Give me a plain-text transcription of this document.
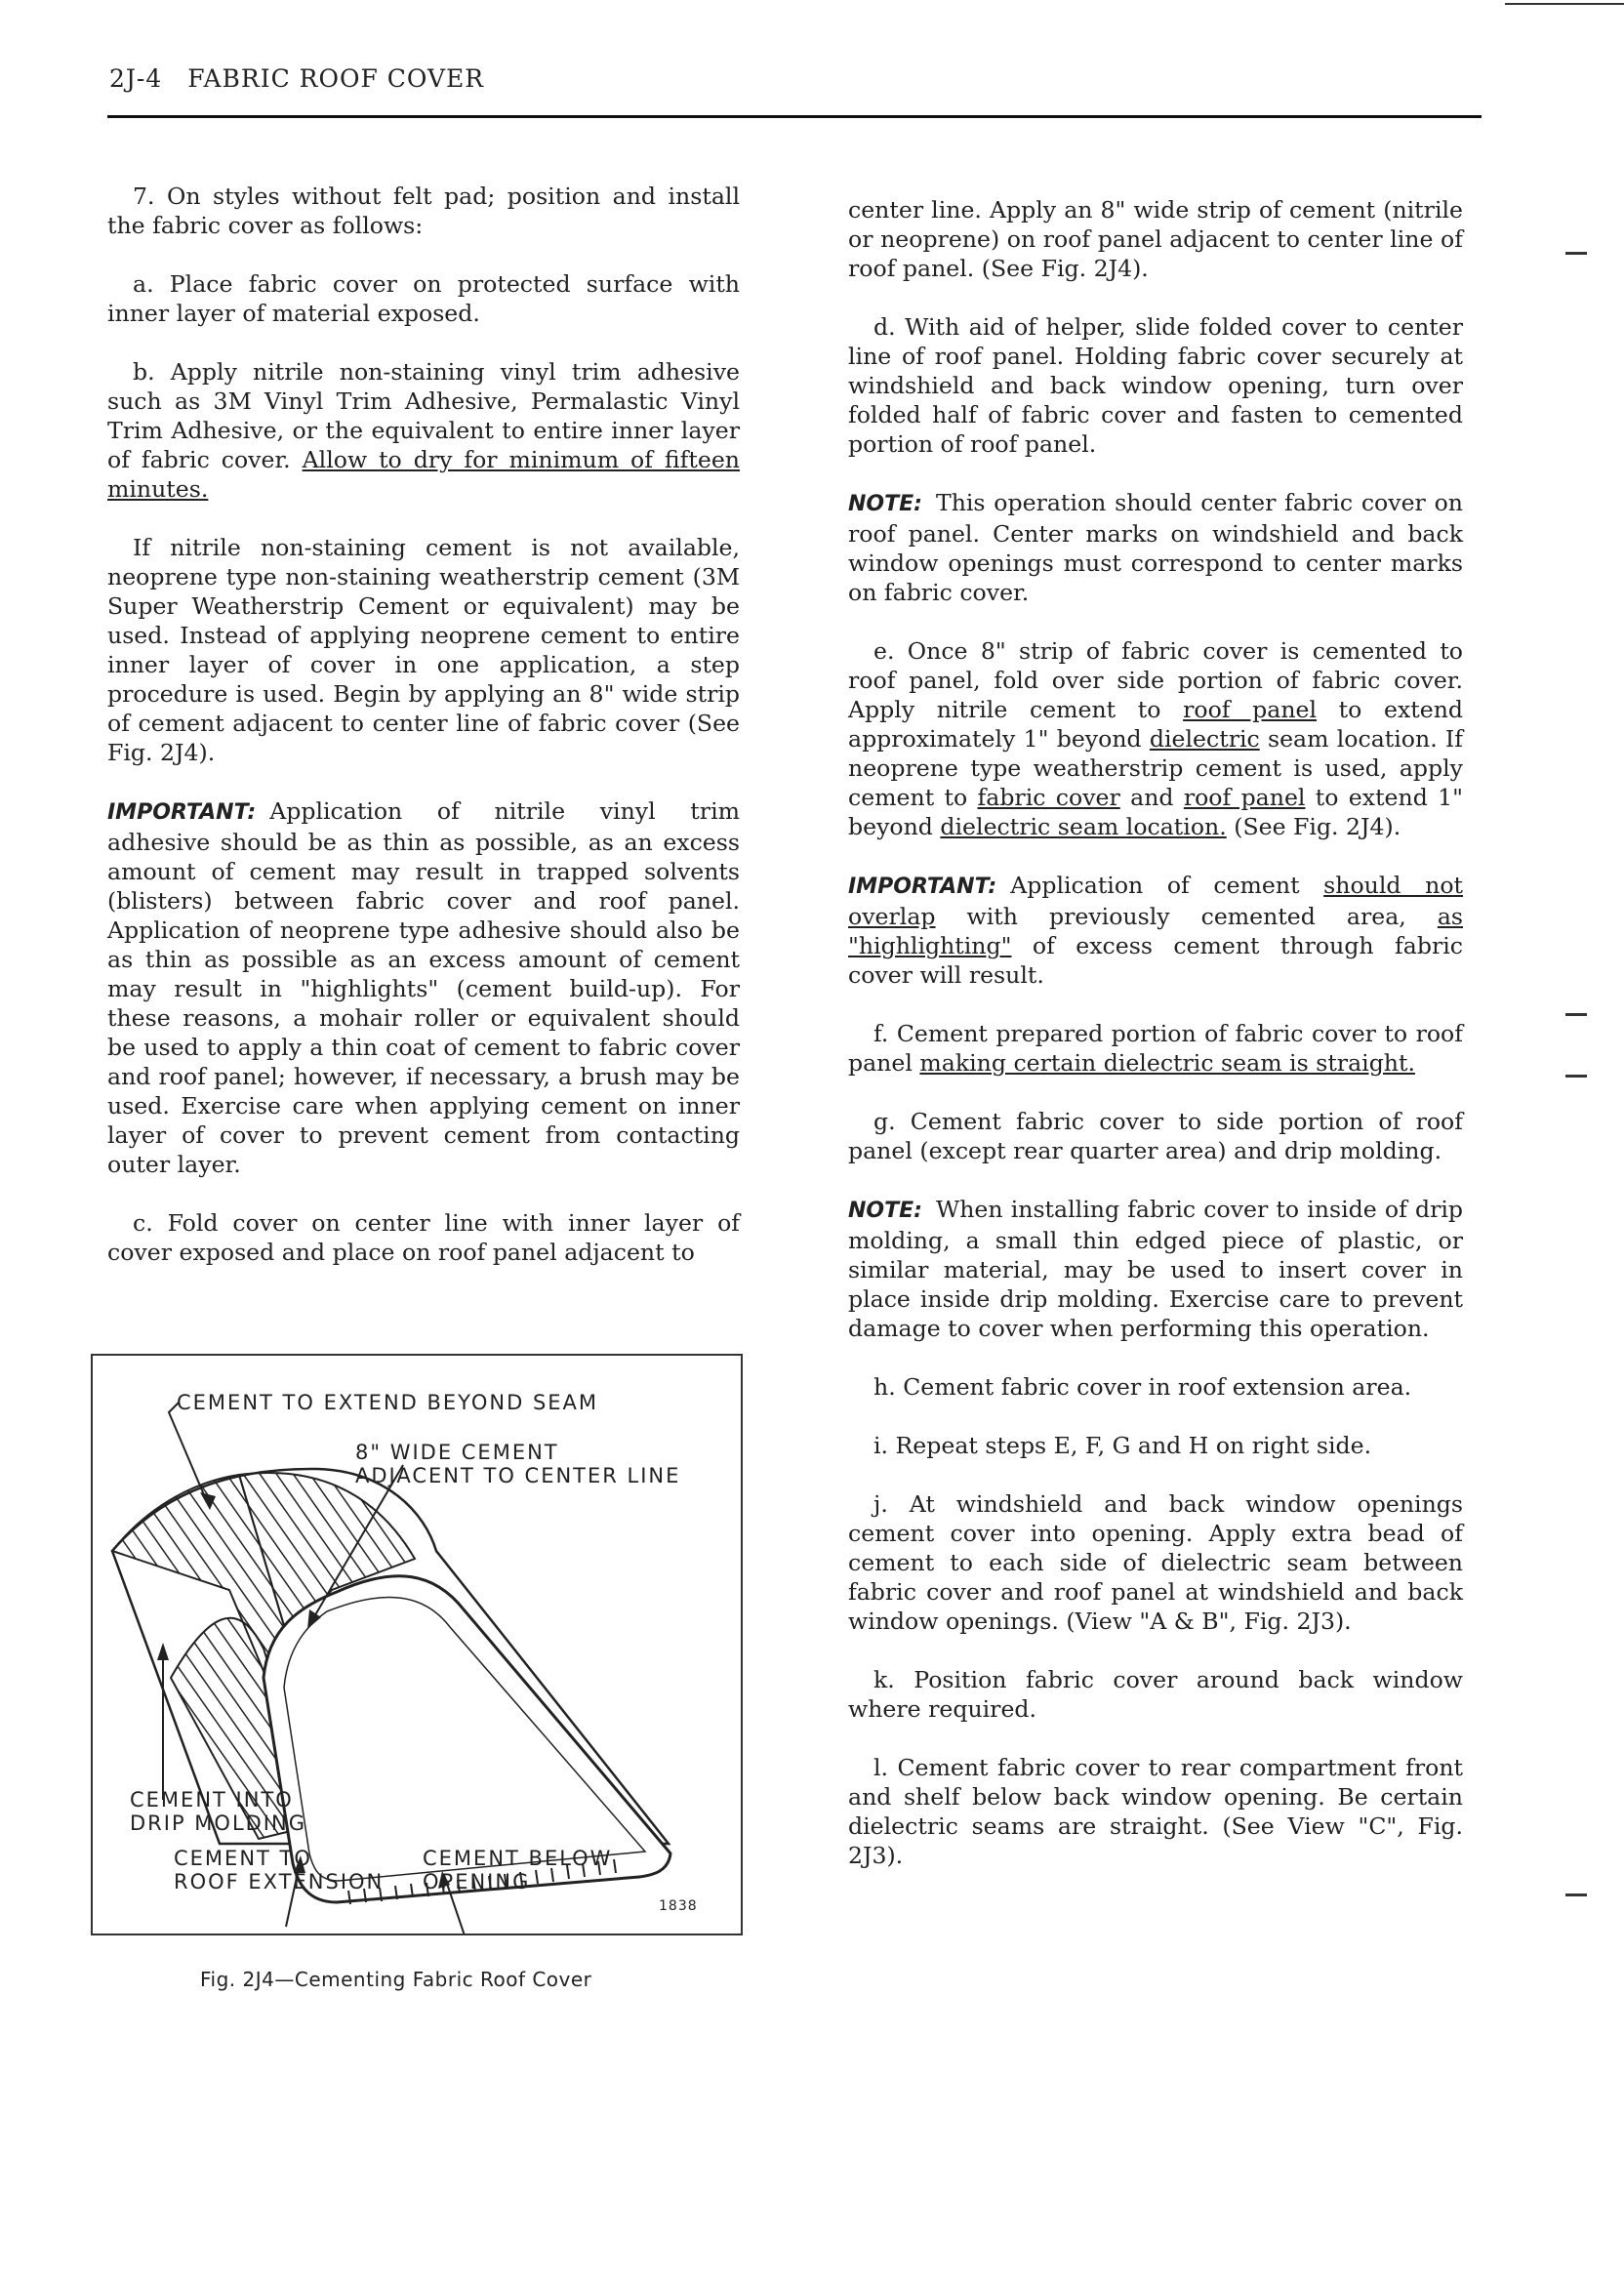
2J-4 FABRIC ROOF COVER

7. On styles without felt pad; position and install the fabric cover as follows:

a. Place fabric cover on protected surface with inner layer of material exposed.

b. Apply nitrile non-staining vinyl trim adhesive such as 3M Vinyl Trim Adhesive, Permalastic Vinyl Trim Adhesive, or the equivalent to entire inner layer of fabric cover. Allow to dry for minimum of fifteen minutes.

If nitrile non-staining cement is not available, neoprene type non-staining weatherstrip cement (3M Super Weatherstrip Cement or equivalent) may be used. Instead of applying neoprene cement to entire inner layer of cover in one application, a step procedure is used. Begin by applying an 8" wide strip of cement adjacent to center line of fabric cover (See Fig. 2J4).

IMPORTANT: Application of nitrile vinyl trim adhesive should be as thin as possible, as an excess amount of cement may result in trapped solvents (blisters) between fabric cover and roof panel. Application of neoprene type adhesive should also be as thin as possible as an excess amount of cement may result in "highlights" (cement build-up). For these reasons, a mohair roller or equivalent should be used to apply a thin coat of cement to fabric cover and roof panel; however, if necessary, a brush may be used. Exercise care when applying cement on inner layer of cover to prevent cement from contacting outer layer.

c. Fold cover on center line with inner layer of cover exposed and place on roof panel adjacent to

CEMENT TO EXTEND BEYOND SEAM
8" WIDE CEMENT
ADJACENT TO CENTER LINE
CEMENT INTO
DRIP MOLDING
CEMENT TO
ROOF EXTENSION
CEMENT BELOW
OPENING
1838
Fig. 2J4—Cementing Fabric Roof Cover

center line. Apply an 8" wide strip of cement (nitrile or neoprene) on roof panel adjacent to center line of roof panel. (See Fig. 2J4).

d. With aid of helper, slide folded cover to center line of roof panel. Holding fabric cover securely at windshield and back window opening, turn over folded half of fabric cover and fasten to cemented portion of roof panel.

NOTE: This operation should center fabric cover on roof panel. Center marks on windshield and back window openings must correspond to center marks on fabric cover.

e. Once 8" strip of fabric cover is cemented to roof panel, fold over side portion of fabric cover. Apply nitrile cement to roof panel to extend approximately 1" beyond dielectric seam location. If neoprene type weatherstrip cement is used, apply cement to fabric cover and roof panel to extend 1" beyond dielectric seam location. (See Fig. 2J4).

IMPORTANT: Application of cement should not overlap with previously cemented area, as "highlighting" of excess cement through fabric cover will result.

f. Cement prepared portion of fabric cover to roof panel making certain dielectric seam is straight.

g. Cement fabric cover to side portion of roof panel (except rear quarter area) and drip molding.

NOTE: When installing fabric cover to inside of drip molding, a small thin edged piece of plastic, or similar material, may be used to insert cover in place inside drip molding. Exercise care to prevent damage to cover when performing this operation.

h. Cement fabric cover in roof extension area.

i. Repeat steps E, F, G and H on right side.

j. At windshield and back window openings cement cover into opening. Apply extra bead of cement to each side of dielectric seam between fabric cover and roof panel at windshield and back window openings. (View "A & B", Fig. 2J3).

k. Position fabric cover around back window where required.

l. Cement fabric cover to rear compartment front and shelf below back window opening. Be certain dielectric seams are straight. (See View "C", Fig. 2J3).
